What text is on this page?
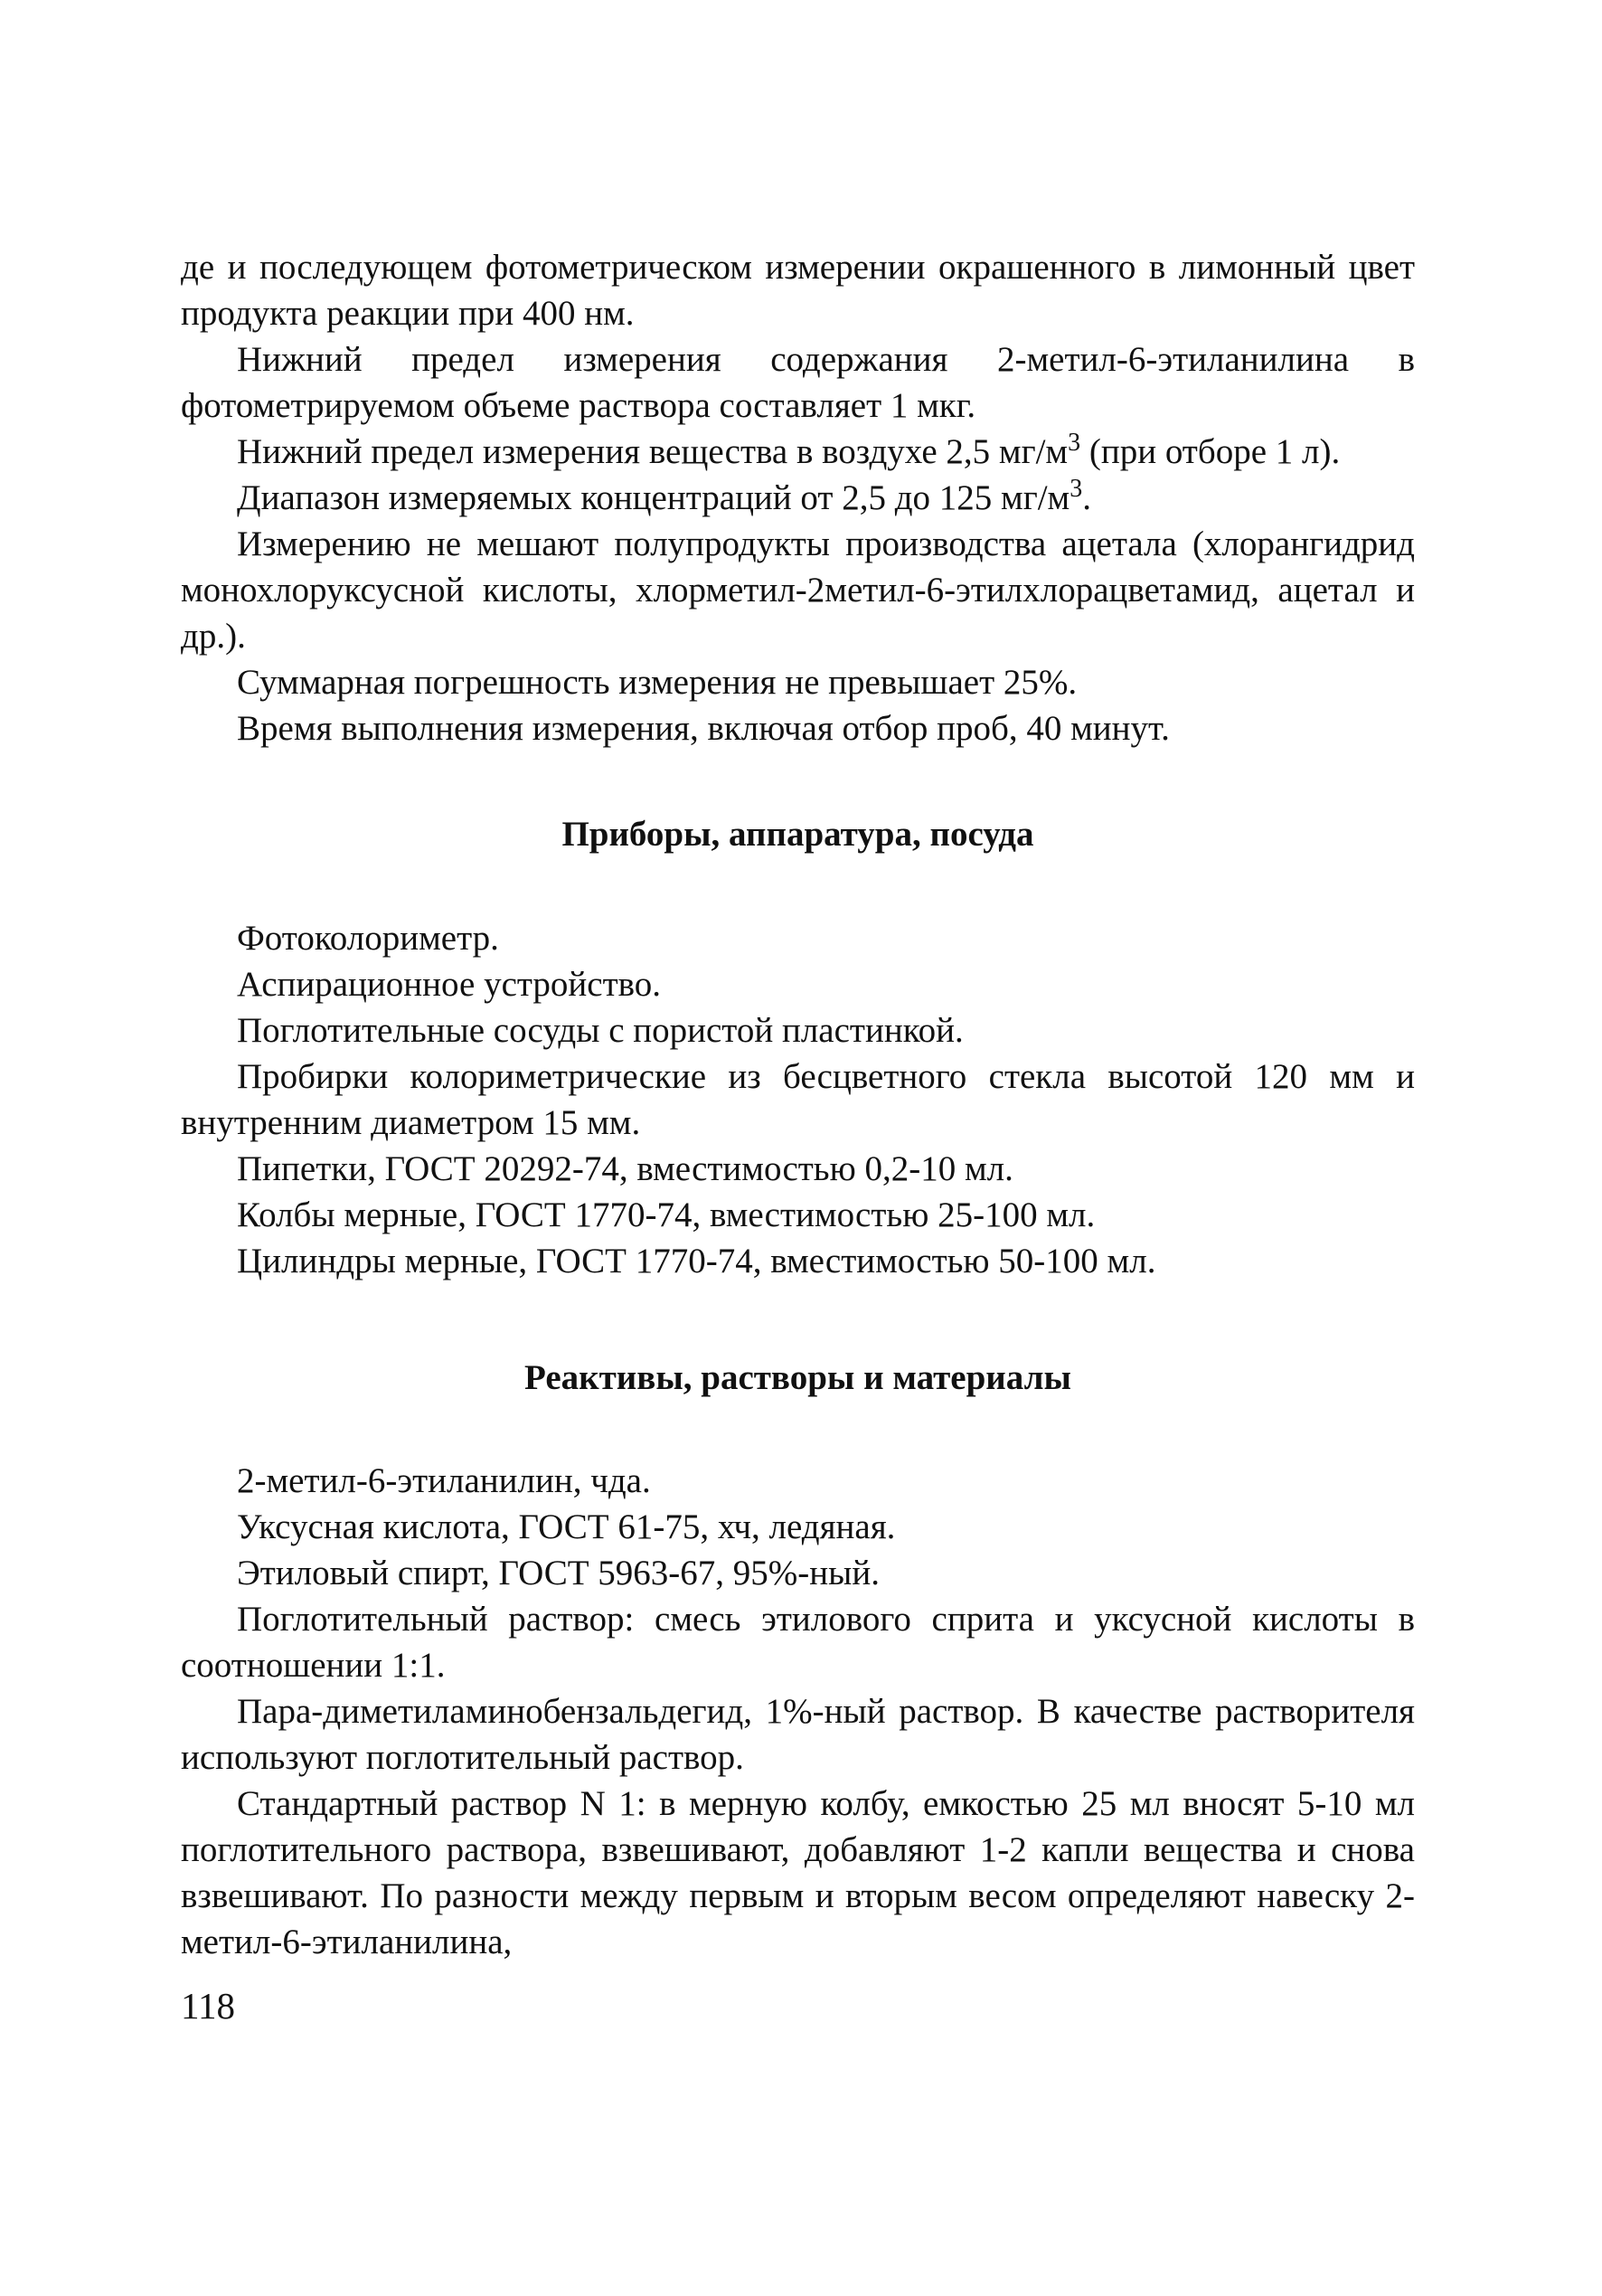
де и последующем фотометрическом измерении окрашенного в лимонный цвет продукта реакции при 400 нм.

Нижний предел измерения содержания 2-метил-6-этиланилина в фотометрируемом объеме раствора составляет 1 мкг.

Нижний предел измерения вещества в воздухе 2,5 $мг/м^3$ (при отборе 1 л).

Диапазон измеряемых концентраций от 2,5 до 125 $мг/м^3$.

Измерению не мешают полупродукты производства ацетала (хлорангидрид монохлоруксусной кислоты, хлорметил-2метил-6-этилхлорацветамид, ацетал и др.).

Суммарная погрешность измерения не превышает 25%.

Время выполнения измерения, включая отбор проб, 40 минут.

Приборы, аппаратура, посуда

Фотоколориметр.

Аспирационное устройство.

Поглотительные сосуды с пористой пластинкой.

Пробирки колориметрические из бесцветного стекла высотой 120 мм и внутренним диаметром 15 мм.

Пипетки, ГОСТ 20292-74, вместимостью 0,2-10 мл.

Колбы мерные, ГОСТ 1770-74, вместимостью 25-100 мл.

Цилиндры мерные, ГОСТ 1770-74, вместимостью 50-100 мл.

Реактивы, растворы и материалы

2-метил-6-этиланилин, чда.

Уксусная кислота, ГОСТ 61-75, хч, ледяная.

Этиловый спирт, ГОСТ 5963-67, 95%-ный.

Поглотительный раствор: смесь этилового сприта и уксусной кислоты в соотношении 1:1.

Пара-диметиламинобензальдегид, 1%-ный раствор. В качестве растворителя используют поглотительный раствор.

Стандартный раствор N 1: в мерную колбу, емкостью 25 мл вносят 5-10 мл поглотительного раствора, взвешивают, добавляют 1-2 капли вещества и снова взвешивают. По разности между первым и вторым весом определяют навеску 2-метил-6-этиланилина,

118
